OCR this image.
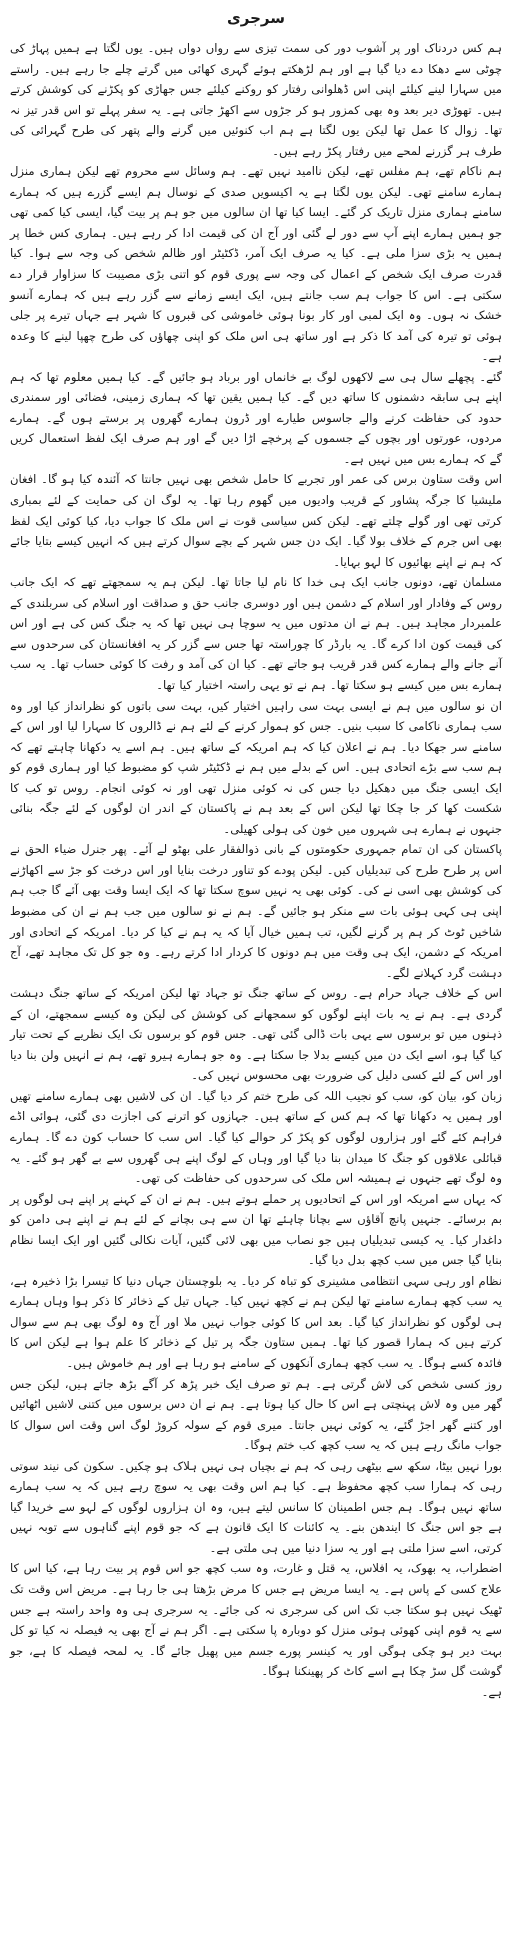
سرجری

ہم کس دردناک اور پر آشوب دور کی سمت تیزی سے رواں دواں ہیں۔ یوں لگتا ہے ہمیں پہاڑ کی چوٹی سے دھکا دے دیا گیا ہے اور ہم لڑھکتے ہوئے گہری کھائی میں گرتے چلے جا رہے ہیں۔ راستے میں سہارا لینے کیلئے اپنی اس ڈھلوانی رفتار کو روکنے کیلئے جس جھاڑی کو پکڑنے کی کوشش کرتے ہیں۔ تھوڑی دیر بعد وہ بھی کمزور ہو کر جڑوں سے اکھڑ جاتی ہے۔ یہ سفر پہلے تو اس قدر تیز نہ تھا۔ زوال کا عمل تھا لیکن یوں لگتا ہے ہم اب کنوئیں میں گرنے والے پتھر کی طرح گہرائی کی طرف ہر گزرنے لمحے میں رفتار پکڑ رہے ہیں۔

ہم ناکام تھے، ہم مفلس تھے، لیکن ناامید نہیں تھے۔ ہم وسائل سے محروم تھے لیکن ہماری منزل ہمارے سامنے تھی۔ لیکن یوں لگتا ہے یہ اکیسویں صدی کے نوسال ہم ایسے گزرے ہیں کہ ہمارے سامنے ہماری منزل تاریک کر گئے۔ ایسا کیا تھا ان سالوں میں جو ہم پر بیت گیا، ایسی کیا کمی تھی جو ہمیں ہمارے اپنے آپ سے دور لے گئی اور آج ان کی قیمت ادا کر رہے ہیں۔ ہماری کس خطا پر ہمیں یہ بڑی سزا ملی ہے۔ کیا یہ صرف ایک آمر، ڈکٹیٹر اور ظالم شخص کی وجہ سے ہوا۔ کیا قدرت صرف ایک شخص کے اعمال کی وجہ سے پوری قوم کو اتنی بڑی مصیبت کا سزاوار قرار دے سکتی ہے۔ اس کا جواب ہم سب جانتے ہیں، ایک ایسے زمانے سے گزر رہے ہیں کہ ہمارے آنسو خشک نہ ہوں۔ وہ ایک لمبی اور کار بونا ہوئی خاموشی کی قبروں کا شہر ہے جہاں تیرے پر جلی ہوئی تو تیرہ کی آمد کا ذکر ہے اور ساتھ ہی اس ملک کو اپنی چھاؤں کی طرح چھپا لینے کا وعدہ ہے۔

گئے۔ پچھلے سال ہی سے لاکھوں لوگ بے خانماں اور برباد ہو جائیں گے۔ کیا ہمیں معلوم تھا کہ ہم اپنے ہی سابقہ دشمنوں کا ساتھ دیں گے۔ کیا ہمیں یقین تھا کہ ہماری زمینی، فضائی اور سمندری حدود کی حفاظت کرنے والے جاسوس طیارے اور ڈرون ہمارے گھروں پر برستے ہوں گے۔ ہمارے مردوں، عورتوں اور بچوں کے جسموں کے پرخچے اڑا دیں گے اور ہم صرف ایک لفظ استعمال کریں گے کہ ہمارے بس میں نہیں ہے۔

اس وقت ستاون برس کی عمر اور تجربے کا حامل شخص بھی نہیں جانتا کہ آئندہ کیا ہو گا۔ افغان ملیشیا کا جرگہ پشاور کے قریب وادیوں میں گھوم رہا تھا۔ یہ لوگ ان کی حمایت کے لئے بمباری کرتی تھی اور گولے چلتے تھے۔ لیکن کس سیاسی قوت نے اس ملک کا جواب دیا، کیا کوئی ایک لفظ بھی اس جرم کے خلاف بولا گیا۔ ایک دن جس شہر کے بچے سوال کرتے ہیں کہ انہیں کیسے بتایا جائے کہ ہم نے اپنے بھائیوں کا لہو بہایا۔

مسلمان تھے، دونوں جانب ایک ہی خدا کا نام لیا جاتا تھا۔ لیکن ہم یہ سمجھتے تھے کہ ایک جانب روس کے وفادار اور اسلام کے دشمن ہیں اور دوسری جانب حق و صداقت اور اسلام کی سربلندی کے علمبردار مجاہد ہیں۔ ہم نے ان مدتوں میں یہ سوچا ہی نہیں تھا کہ یہ جنگ کس کی ہے اور اس کی قیمت کون ادا کرے گا۔ یہ بارڈر کا چوراستہ تھا جس سے گزر کر یہ افغانستان کی سرحدوں سے آنے جانے والے ہمارے کس قدر قریب ہو جاتے تھے۔ کیا ان کی آمد و رفت کا کوئی حساب تھا۔ یہ سب ہمارے بس میں کیسے ہو سکتا تھا۔ ہم نے تو یہی راستہ اختیار کیا تھا۔

ان نو سالوں میں ہم نے ایسی بہت سی راہیں اختیار کیں، بہت سی باتوں کو نظرانداز کیا اور وہ سب ہماری ناکامی کا سبب بنیں۔ جس کو ہموار کرنے کے لئے ہم نے ڈالروں کا سہارا لیا اور اس کے سامنے سر جھکا دیا۔ ہم نے اعلان کیا کہ ہم امریکہ کے ساتھ ہیں۔ ہم اسے یہ دکھانا چاہتے تھے کہ ہم سب سے بڑے اتحادی ہیں۔ اس کے بدلے میں ہم نے ڈکٹیٹر شپ کو مضبوط کیا اور ہماری قوم کو ایک ایسی جنگ میں دھکیل دیا جس کی نہ کوئی منزل تھی اور نہ کوئی انجام۔ روس تو کب کا شکست کھا کر جا چکا تھا لیکن اس کے بعد ہم نے پاکستان کے اندر ان لوگوں کے لئے جگہ بنائی جنہوں نے ہمارے ہی شہروں میں خون کی ہولی کھیلی۔

پاکستان کی ان تمام جمہوری حکومتوں کے بانی ذوالفقار علی بھٹو لے آئے۔ پھر جنرل ضیاء الحق نے اس پر طرح طرح کی تبدیلیاں کیں۔ لیکن پودے کو تناور درخت بنایا اور اس درخت کو جڑ سے اکھاڑنے کی کوشش بھی اسی نے کی۔ کوئی بھی یہ نہیں سوچ سکتا تھا کہ ایک ایسا وقت بھی آئے گا جب ہم اپنی ہی کہی ہوئی بات سے منکر ہو جائیں گے۔ ہم نے نو سالوں میں جب ہم نے ان کی مضبوط شاخیں ٹوٹ کر ہم پر گرنے لگیں، تب ہمیں خیال آیا کہ یہ ہم نے کیا کر دیا۔ امریکہ کے اتحادی اور امریکہ کے دشمن، ایک ہی وقت میں ہم دونوں کا کردار ادا کرتے رہے۔ وہ جو کل تک مجاہد تھے، آج دہشت گرد کہلانے لگے۔

اس کے خلاف جہاد حرام ہے۔ روس کے ساتھ جنگ تو جہاد تھا لیکن امریکہ کے ساتھ جنگ دہشت گردی ہے۔ ہم نے یہ بات اپنے لوگوں کو سمجھانے کی کوشش کی لیکن وہ کیسے سمجھتے، ان کے ذہنوں میں تو برسوں سے یہی بات ڈالی گئی تھی۔ جس قوم کو برسوں تک ایک نظریے کے تحت تیار کیا گیا ہو، اسے ایک دن میں کیسے بدلا جا سکتا ہے۔ وہ جو ہمارے ہیرو تھے، ہم نے انہیں ولن بنا دیا اور اس کے لئے کسی دلیل کی ضرورت بھی محسوس نہیں کی۔

زبان کو، بیان کو، سب کو نجیب اللہ کی طرح ختم کر دیا گیا۔ ان کی لاشیں بھی ہمارے سامنے تھیں اور ہمیں یہ دکھانا تھا کہ ہم کس کے ساتھ ہیں۔ جہازوں کو اترنے کی اجازت دی گئی، ہوائی اڈے فراہم کئے گئے اور ہزاروں لوگوں کو پکڑ کر حوالے کیا گیا۔ اس سب کا حساب کون دے گا۔ ہمارے قبائلی علاقوں کو جنگ کا میدان بنا دیا گیا اور وہاں کے لوگ اپنے ہی گھروں سے بے گھر ہو گئے۔ یہ وہ لوگ تھے جنہوں نے ہمیشہ اس ملک کی سرحدوں کی حفاظت کی تھی۔

کہ یہاں سے امریکہ اور اس کے اتحادیوں پر حملے ہوتے ہیں۔ ہم نے ان کے کہنے پر اپنے ہی لوگوں پر بم برسائے۔ جنہیں پانچ آقاؤں سے بچانا چاہئے تھا ان سے ہی بچانے کے لئے ہم نے اپنے ہی دامن کو داغدار کیا۔ یہ کیسی تبدیلیاں ہیں جو نصاب میں بھی لائی گئیں، آیات نکالی گئیں اور ایک ایسا نظام بنایا گیا جس میں سب کچھ بدل دیا گیا۔

نظام اور رہی سہی انتظامی مشینری کو تباہ کر دیا۔ یہ بلوچستان جہاں دنیا کا تیسرا بڑا ذخیرہ ہے، یہ سب کچھ ہمارے سامنے تھا لیکن ہم نے کچھ نہیں کیا۔ جہاں تیل کے ذخائر کا ذکر ہوا وہاں ہمارے ہی لوگوں کو نظرانداز کیا گیا۔ بعد اس کا کوئی جواب نہیں ملا اور آج وہ لوگ بھی ہم سے سوال کرتے ہیں کہ ہمارا قصور کیا تھا۔ ہمیں ستاون جگہ پر تیل کے ذخائر کا علم ہوا ہے لیکن اس کا فائدہ کسے ہوگا۔ یہ سب کچھ ہماری آنکھوں کے سامنے ہو رہا ہے اور ہم خاموش ہیں۔

روز کسی شخص کی لاش گرتی ہے۔ ہم تو صرف ایک خبر پڑھ کر آگے بڑھ جاتے ہیں، لیکن جس گھر میں وہ لاش پہنچتی ہے اس کا حال کیا ہوتا ہے۔ ہم نے ان دس برسوں میں کتنی لاشیں اٹھائیں اور کتنے گھر اجڑ گئے، یہ کوئی نہیں جانتا۔ میری قوم کے سولہ کروڑ لوگ اس وقت اس سوال کا جواب مانگ رہے ہیں کہ یہ سب کچھ کب ختم ہوگا۔

بورا نہیں بیٹا، سکھ سے بیٹھی رہی کہ ہم نے بچیاں ہی نہیں ہلاک ہو چکیں۔ سکون کی نیند سوتی رہی کہ ہمارا سب کچھ محفوظ ہے۔ کیا ہم اس وقت بھی یہ سوچ رہے ہیں کہ یہ سب ہمارے ساتھ نہیں ہوگا۔ ہم جس اطمینان کا سانس لیتے ہیں، وہ ان ہزاروں لوگوں کے لہو سے خریدا گیا ہے جو اس جنگ کا ایندھن بنے۔ یہ کائنات کا ایک قانون ہے کہ جو قوم اپنے گناہوں سے توبہ نہیں کرتی، اسے سزا ملتی ہے اور یہ سزا دنیا میں ہی ملتی ہے۔

اضطراب، یہ بھوک، یہ افلاس، یہ قتل و غارت، وہ سب کچھ جو اس قوم پر بیت رہا ہے، کیا اس کا علاج کسی کے پاس ہے۔ یہ ایسا مریض ہے جس کا مرض بڑھتا ہی جا رہا ہے۔ مریض اس وقت تک ٹھیک نہیں ہو سکتا جب تک اس کی سرجری نہ کی جائے۔ یہ سرجری ہی وہ واحد راستہ ہے جس سے یہ قوم اپنی کھوئی ہوئی منزل کو دوبارہ پا سکتی ہے۔ اگر ہم نے آج بھی یہ فیصلہ نہ کیا تو کل بہت دیر ہو چکی ہوگی اور یہ کینسر پورے جسم میں پھیل جائے گا۔ یہ لمحہ فیصلہ کا ہے، جو گوشت گل سڑ چکا ہے اسے کاٹ کر پھینکنا ہوگا۔

ہے۔
